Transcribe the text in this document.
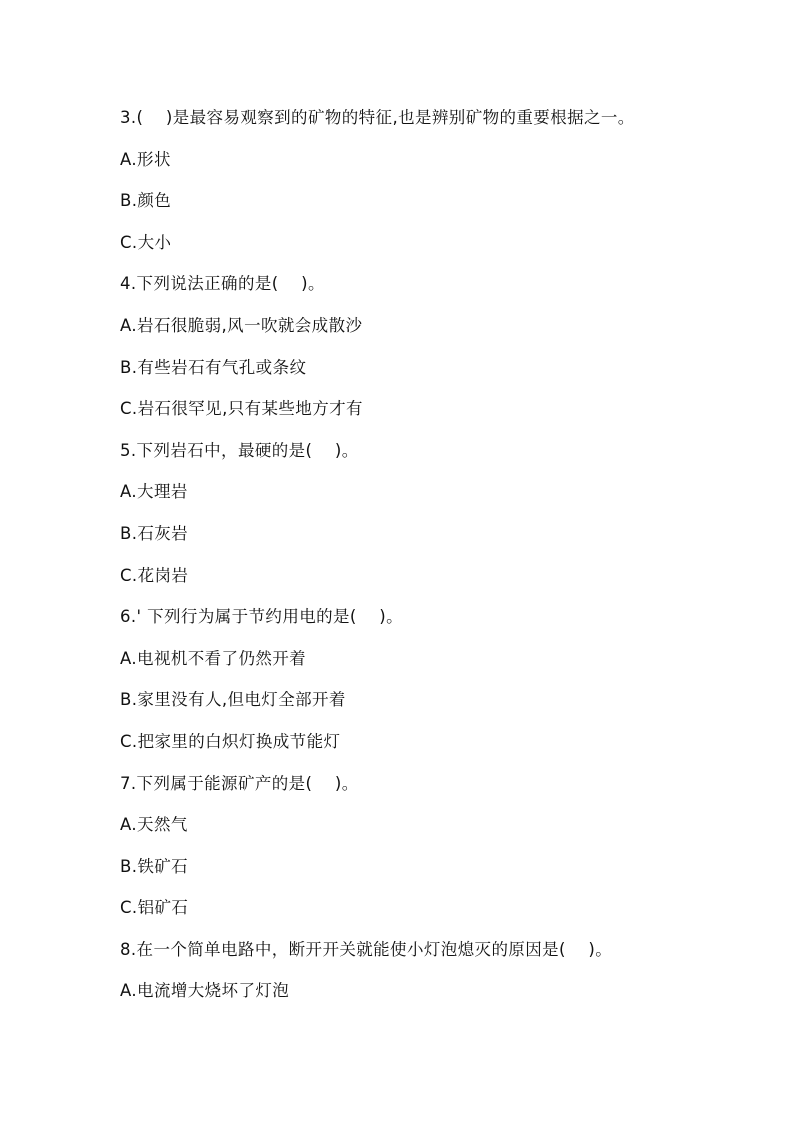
3.(　 )是最容易观察到的矿物的特征,也是辨别矿物的重要根据之一。
A.形状
B.颜色
C.大小
4.下列说法正确的是(　 )。
A.岩石很脆弱,风一吹就会成散沙
B.有些岩石有气孔或条纹
C.岩石很罕见,只有某些地方才有
5.下列岩石中，最硬的是(　 )。
A.大理岩
B.石灰岩
C.花岗岩
6.' 下列行为属于节约用电的是(　 )。
A.电视机不看了仍然开着
B.家里没有人,但电灯全部开着
C.把家里的白炽灯换成节能灯
7.下列属于能源矿产的是(　 )。
A.天然气
B.铁矿石
C.铝矿石
8.在一个简单电路中，断开开关就能使小灯泡熄灭的原因是(　 )。
A.电流增大烧坏了灯泡
